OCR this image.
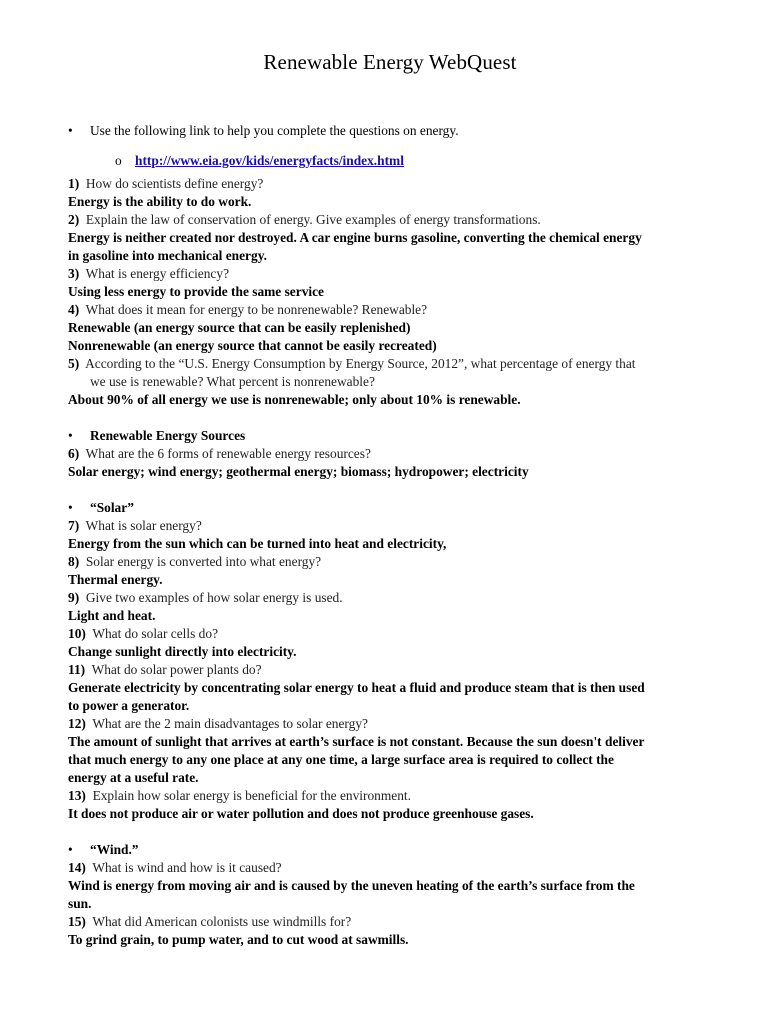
Renewable Energy WebQuest
•	Use the following link to help you complete the questions on energy.
o http://www.eia.gov/kids/energyfacts/index.html
1) How do scientists define energy?
Energy is the ability to do work.
2) Explain the law of conservation of energy. Give examples of energy transformations.
Energy is neither created nor destroyed. A car engine burns gasoline, converting the chemical energy
in gasoline into mechanical energy.
3) What is energy efficiency?
Using less energy to provide the same service
4) What does it mean for energy to be nonrenewable? Renewable?
Renewable (an energy source that can be easily replenished)
Nonrenewable (an energy source that cannot be easily recreated)
5) According to the “U.S. Energy Consumption by Energy Source, 2012”, what percentage of energy that
we use is renewable? What percent is nonrenewable?
About 90% of all energy we use is nonrenewable; only about 10% is renewable.
•	Renewable Energy Sources
6) What are the 6 forms of renewable energy resources?
Solar energy; wind energy; geothermal energy; biomass; hydropower; electricity
•	“Solar”
7) What is solar energy?
Energy from the sun which can be turned into heat and electricity,
8) Solar energy is converted into what energy?
Thermal energy.
9) Give two examples of how solar energy is used.
Light and heat.
10) What do solar cells do?
Change sunlight directly into electricity.
11) What do solar power plants do?
Generate electricity by concentrating solar energy to heat a fluid and produce steam that is then used
to power a generator.
12) What are the 2 main disadvantages to solar energy?
The amount of sunlight that arrives at earth’s surface is not constant. Because the sun doesn't deliver
that much energy to any one place at any one time, a large surface area is required to collect the
energy at a useful rate.
13) Explain how solar energy is beneficial for the environment.
It does not produce air or water pollution and does not produce greenhouse gases.
•	“Wind.”
14) What is wind and how is it caused?
Wind is energy from moving air and is caused by the uneven heating of the earth’s surface from the
sun.
15) What did American colonists use windmills for?
To grind grain, to pump water, and to cut wood at sawmills.
